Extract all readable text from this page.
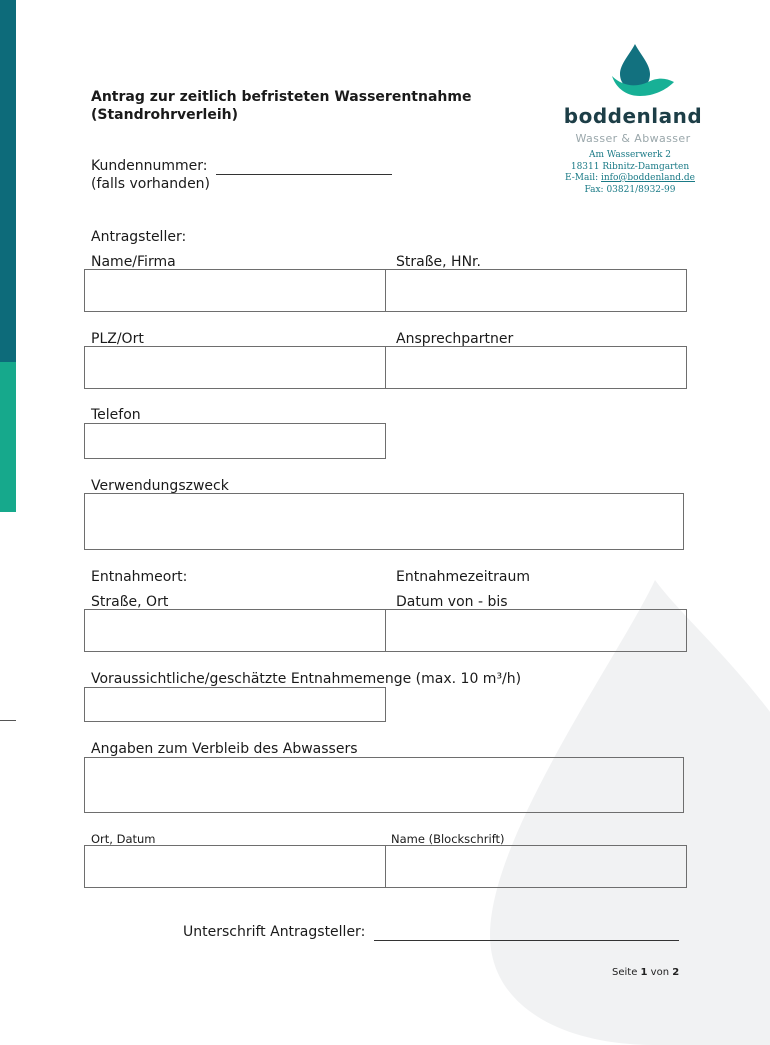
Antrag zur zeitlich befristeten Wasserentnahme
(Standrohrverleih)	boddenland
Wasser & Abwasser
Am Wasserwerk 2
18311 Ribnitz-Damgarten
E-Mail: info@boddenland.de
Fax: 03821/8932-99
Kundennummer:
(falls vorhanden)
Antragsteller:
Name/Firma	Straße, HNr.
PLZ/Ort	Ansprechpartner
Telefon
Verwendungszweck
Entnahmeort:	Entnahmezeitraum
Straße, Ort	Datum von - bis
Voraussichtliche/geschätzte Entnahmemenge (max. 10 m³/h)
Angaben zum Verbleib des Abwassers
Ort, Datum	Name (Blockschrift)
Unterschrift Antragsteller:
Seite 1 von 2
